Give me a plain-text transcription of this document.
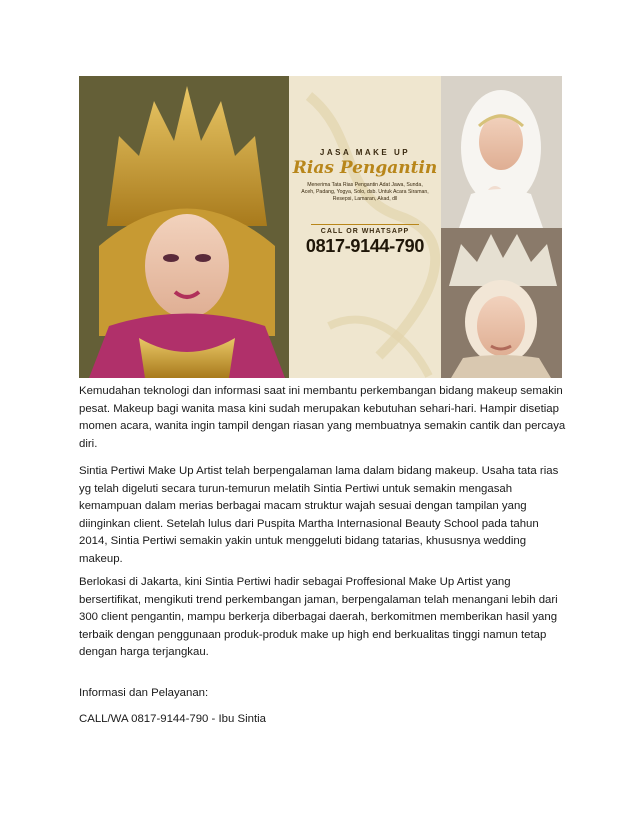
JASA MAKE UP
Rias Pengantin
Menerima Tata Rias Pengantin Adat Jawa, Sunda, Aceh, Padang, Yogya, Solo, dsb. Untuk Acara Siraman, Resepsi, Lamaran, Akad, dll
CALL OR WHATSAPP
0817-9144-790

Kemudahan teknologi dan informasi saat ini membantu perkembangan bidang makeup semakin pesat. Makeup bagi wanita masa kini sudah merupakan kebutuhan sehari-hari. Hampir disetiap momen acara, wanita ingin tampil dengan riasan yang membuatnya semakin cantik dan percaya diri.

Sintia Pertiwi Make Up Artist telah berpengalaman lama dalam bidang makeup. Usaha tata rias yg telah digeluti secara turun-temurun melatih Sintia Pertiwi untuk semakin mengasah kemampuan dalam merias berbagai macam struktur wajah sesuai dengan tampilan yang diinginkan client. Setelah lulus dari Puspita Martha Internasional Beauty School pada tahun 2014, Sintia Pertiwi semakin yakin untuk menggeluti bidang tatarias, khususnya wedding makeup.

Berlokasi di Jakarta, kini Sintia Pertiwi hadir sebagai Proffesional Make Up Artist yang bersertifikat, mengikuti trend perkembangan jaman, berpengalaman telah menangani lebih dari 300 client pengantin, mampu berkerja diberbagai daerah, berkomitmen memberikan hasil yang terbaik dengan penggunaan produk-produk make up high end berkualitas tinggi namun tetap dengan harga terjangkau.

Informasi dan Pelayanan:
CALL/WA 0817-9144-790 - Ibu Sintia
